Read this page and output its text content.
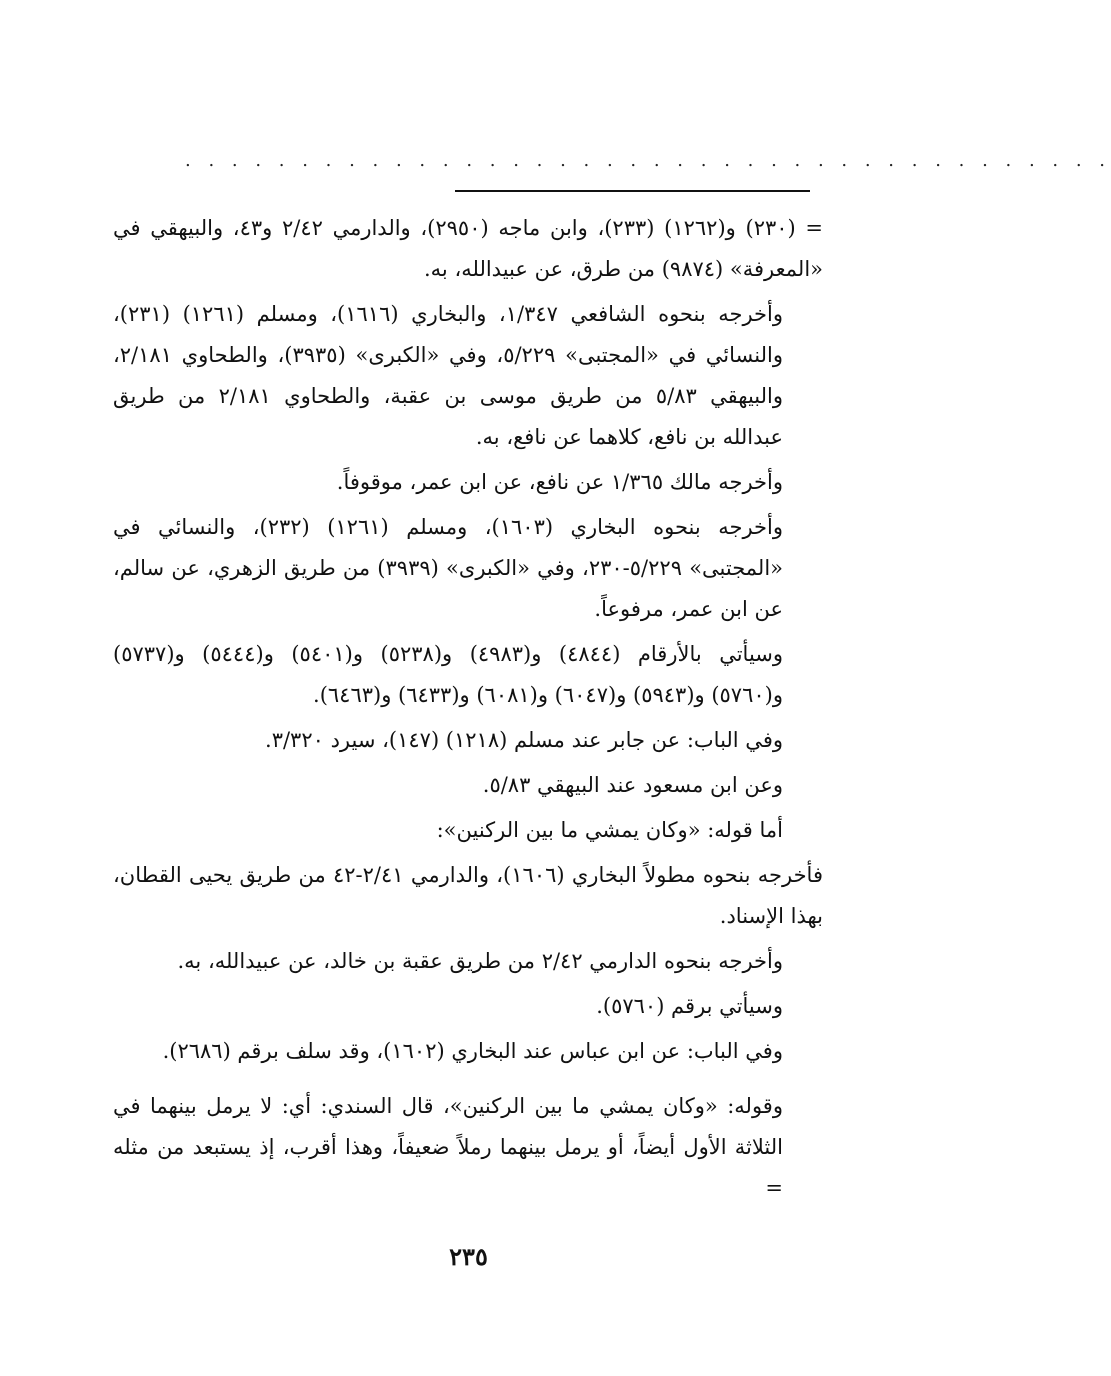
. . . . . . . . . . . . . . . . . . . . . . . . . . . . . . . . . . . . . . . .

= (٢٣٠) و(١٢٦٢) (٢٣٣)، وابن ماجه (٢٩٥٠)، والدارمي ٢/٤٢ و٤٣، والبيهقي في «المعرفة» (٩٨٧٤) من طرق، عن عبيدالله، به.

وأخرجه بنحوه الشافعي ١/٣٤٧، والبخاري (١٦١٦)، ومسلم (١٢٦١) (٢٣١)، والنسائي في «المجتبى» ٥/٢٢٩، وفي «الكبرى» (٣٩٣٥)، والطحاوي ٢/١٨١، والبيهقي ٥/٨٣ من طريق موسى بن عقبة، والطحاوي ٢/١٨١ من طريق عبدالله بن نافع، كلاهما عن نافع، به.

وأخرجه مالك ١/٣٦٥ عن نافع، عن ابن عمر، موقوفاً.

وأخرجه بنحوه البخاري (١٦٠٣)، ومسلم (١٢٦١) (٢٣٢)، والنسائي في «المجتبى» ٥/٢٢٩-٢٣٠، وفي «الكبرى» (٣٩٣٩) من طريق الزهري، عن سالم، عن ابن عمر، مرفوعاً.

وسيأتي بالأرقام (٤٨٤٤) و(٤٩٨٣) و(٥٢٣٨) و(٥٤٠١) و(٥٤٤٤) و(٥٧٣٧) و(٥٧٦٠) و(٥٩٤٣) و(٦٠٤٧) و(٦٠٨١) و(٦٤٣٣) و(٦٤٦٣).

وفي الباب: عن جابر عند مسلم (١٢١٨) (١٤٧)، سيرد ٣/٣٢٠.

وعن ابن مسعود عند البيهقي ٥/٨٣.

أما قوله: «وكان يمشي ما بين الركنين»:

فأخرجه بنحوه مطولاً البخاري (١٦٠٦)، والدارمي ٢/٤١-٤٢ من طريق يحيى القطان، بهذا الإسناد.

وأخرجه بنحوه الدارمي ٢/٤٢ من طريق عقبة بن خالد، عن عبيدالله، به.

وسيأتي برقم (٥٧٦٠).

وفي الباب: عن ابن عباس عند البخاري (١٦٠٢)، وقد سلف برقم (٢٦٨٦).

وقوله: «وكان يمشي ما بين الركنين»، قال السندي: أي: لا يرمل بينهما في الثلاثة الأول أيضاً، أو يرمل بينهما رملاً ضعيفاً، وهذا أقرب، إذ يستبعد من مثله =

٢٣٥
